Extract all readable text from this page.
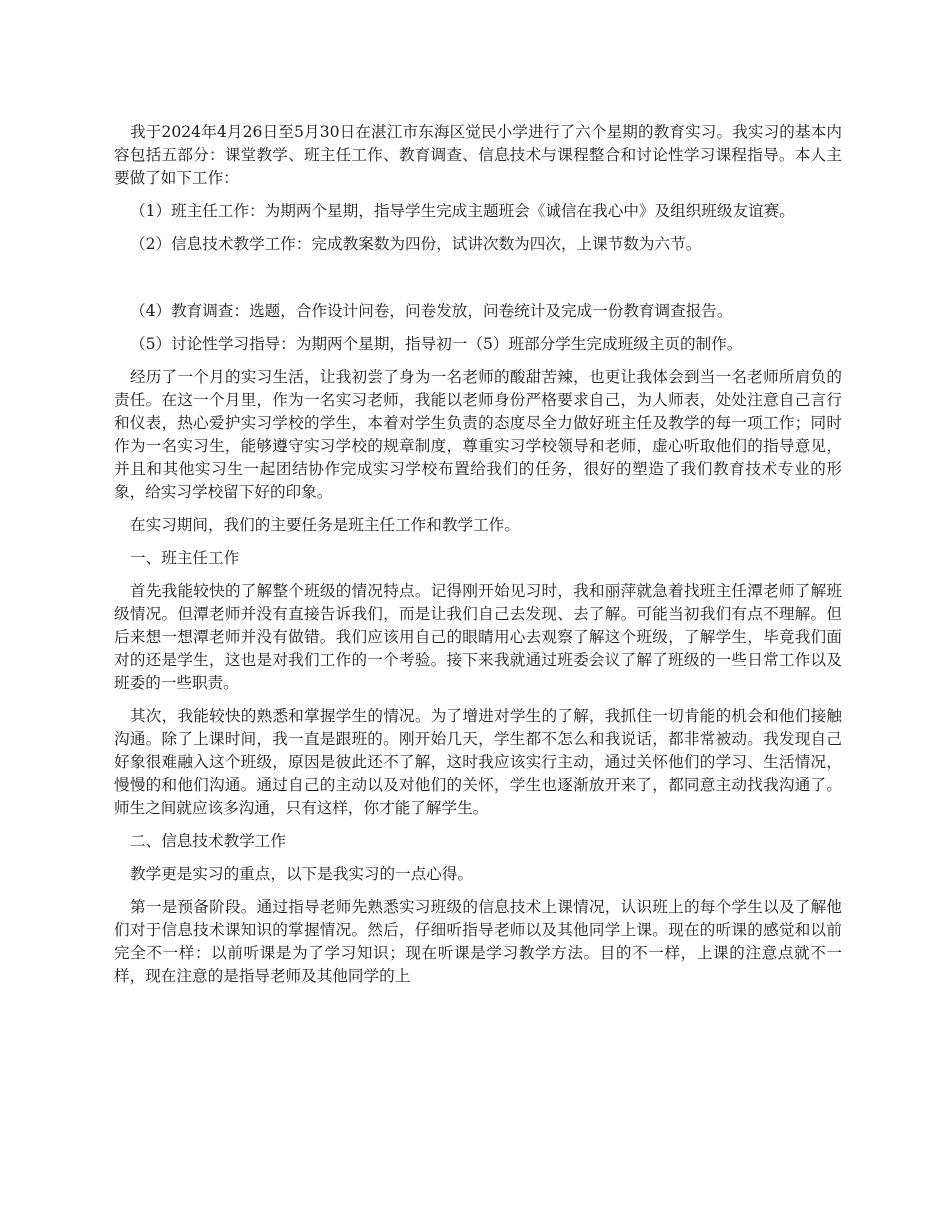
我于2024年4月26日至5月30日在湛江市东海区觉民小学进行了六个星期的教育实习。我实习的基本内容包括五部分：课堂教学、班主任工作、教育调查、信息技术与课程整合和讨论性学习课程指导。本人主要做了如下工作：

（1）班主任工作：为期两个星期，指导学生完成主题班会《诚信在我心中》及组织班级友谊赛。

（2）信息技术教学工作：完成教案数为四份，试讲次数为四次，上课节数为六节。

（4）教育调查：选题，合作设计问卷，问卷发放，问卷统计及完成一份教育调查报告。

（5）讨论性学习指导：为期两个星期，指导初一（5）班部分学生完成班级主页的制作。

经历了一个月的实习生活，让我初尝了身为一名老师的酸甜苦辣，也更让我体会到当一名老师所肩负的责任。在这一个月里，作为一名实习老师，我能以老师身份严格要求自己，为人师表，处处注意自己言行和仪表，热心爱护实习学校的学生，本着对学生负责的态度尽全力做好班主任及教学的每一项工作；同时作为一名实习生，能够遵守实习学校的规章制度，尊重实习学校领导和老师，虚心听取他们的指导意见，并且和其他实习生一起团结协作完成实习学校布置给我们的任务，很好的塑造了我们教育技术专业的形象，给实习学校留下好的印象。

在实习期间，我们的主要任务是班主任工作和教学工作。

一、班主任工作

首先我能较快的了解整个班级的情况特点。记得刚开始见习时，我和丽萍就急着找班主任潭老师了解班级情况。但潭老师并没有直接告诉我们，而是让我们自己去发现、去了解。可能当初我们有点不理解。但后来想一想潭老师并没有做错。我们应该用自己的眼睛用心去观察了解这个班级，了解学生，毕竟我们面对的还是学生，这也是对我们工作的一个考验。接下来我就通过班委会议了解了班级的一些日常工作以及班委的一些职责。

其次，我能较快的熟悉和掌握学生的情况。为了增进对学生的了解，我抓住一切肯能的机会和他们接触沟通。除了上课时间，我一直是跟班的。刚开始几天，学生都不怎么和我说话，都非常被动。我发现自己好象很难融入这个班级，原因是彼此还不了解，这时我应该实行主动，通过关怀他们的学习、生活情况，慢慢的和他们沟通。通过自己的主动以及对他们的关怀，学生也逐渐放开来了，都同意主动找我沟通了。师生之间就应该多沟通，只有这样，你才能了解学生。

二、信息技术教学工作

教学更是实习的重点，以下是我实习的一点心得。

第一是预备阶段。通过指导老师先熟悉实习班级的信息技术上课情况，认识班上的每个学生以及了解他们对于信息技术课知识的掌握情况。然后，仔细听指导老师以及其他同学上课。现在的听课的感觉和以前完全不一样：以前听课是为了学习知识；现在听课是学习教学方法。目的不一样，上课的注意点就不一样，现在注意的是指导老师及其他同学的上
